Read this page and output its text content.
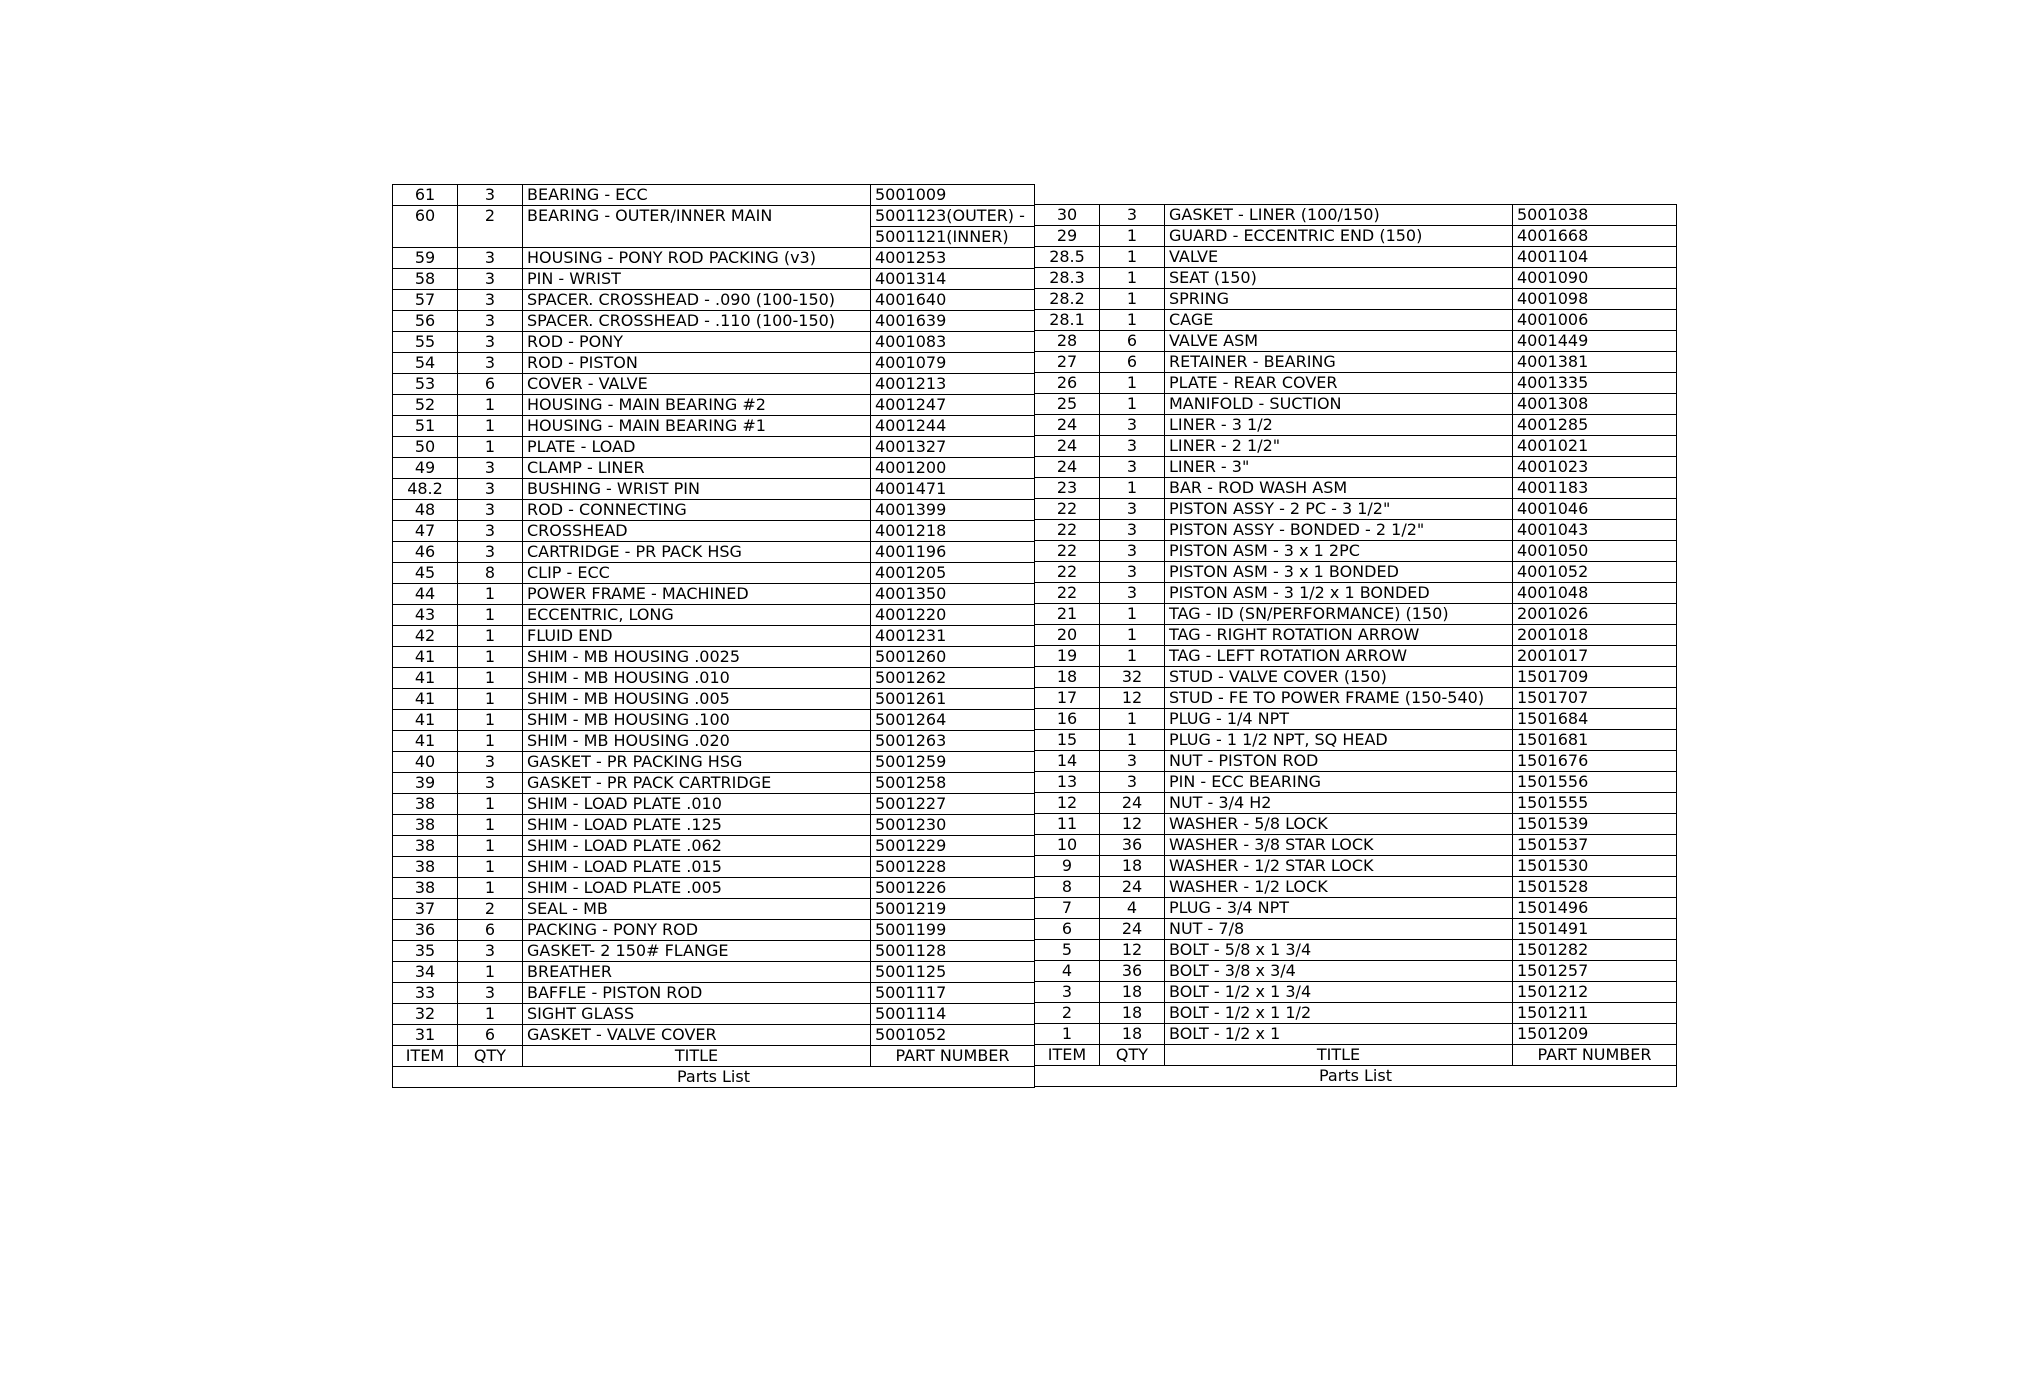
61	3	BEARING - ECC	5001009
60	2	BEARING - OUTER/INNER MAIN	5001123(OUTER) -
			5001121(INNER)
59	3	HOUSING - PONY ROD PACKING (v3)	4001253
58	3	PIN - WRIST	4001314
57	3	SPACER. CROSSHEAD - .090 (100-150)	4001640
56	3	SPACER. CROSSHEAD - .110 (100-150)	4001639
55	3	ROD - PONY	4001083
54	3	ROD - PISTON	4001079
53	6	COVER - VALVE	4001213
52	1	HOUSING - MAIN BEARING #2	4001247
51	1	HOUSING - MAIN BEARING #1	4001244
50	1	PLATE - LOAD	4001327
49	3	CLAMP - LINER	4001200
48.2	3	BUSHING - WRIST PIN	4001471
48	3	ROD - CONNECTING	4001399
47	3	CROSSHEAD	4001218
46	3	CARTRIDGE - PR PACK HSG	4001196
45	8	CLIP - ECC	4001205
44	1	POWER FRAME - MACHINED	4001350
43	1	ECCENTRIC, LONG	4001220
42	1	FLUID END	4001231
41	1	SHIM - MB HOUSING .0025	5001260
41	1	SHIM - MB HOUSING .010	5001262
41	1	SHIM - MB HOUSING .005	5001261
41	1	SHIM - MB HOUSING .100	5001264
41	1	SHIM - MB HOUSING .020	5001263
40	3	GASKET - PR PACKING HSG	5001259
39	3	GASKET - PR PACK CARTRIDGE	5001258
38	1	SHIM - LOAD PLATE .010	5001227
38	1	SHIM - LOAD PLATE .125	5001230
38	1	SHIM - LOAD PLATE .062	5001229
38	1	SHIM - LOAD PLATE .015	5001228
38	1	SHIM - LOAD PLATE .005	5001226
37	2	SEAL - MB	5001219
36	6	PACKING - PONY ROD	5001199
35	3	GASKET- 2 150# FLANGE	5001128
34	1	BREATHER	5001125
33	3	BAFFLE - PISTON ROD	5001117
32	1	SIGHT GLASS	5001114
31	6	GASKET - VALVE COVER	5001052
ITEM	QTY	TITLE	PART NUMBER
Parts List			

30	3	GASKET - LINER (100/150)	5001038
29	1	GUARD - ECCENTRIC END (150)	4001668
28.5	1	VALVE	4001104
28.3	1	SEAT (150)	4001090
28.2	1	SPRING	4001098
28.1	1	CAGE	4001006
28	6	VALVE ASM	4001449
27	6	RETAINER - BEARING	4001381
26	1	PLATE - REAR COVER	4001335
25	1	MANIFOLD - SUCTION	4001308
24	3	LINER - 3 1/2	4001285
24	3	LINER - 2 1/2"	4001021
24	3	LINER - 3"	4001023
23	1	BAR - ROD WASH ASM	4001183
22	3	PISTON ASSY - 2 PC - 3 1/2"	4001046
22	3	PISTON ASSY - BONDED - 2 1/2"	4001043
22	3	PISTON ASM - 3 x 1 2PC	4001050
22	3	PISTON ASM - 3 x 1 BONDED	4001052
22	3	PISTON ASM - 3 1/2 x 1 BONDED	4001048
21	1	TAG - ID (SN/PERFORMANCE) (150)	2001026
20	1	TAG - RIGHT ROTATION ARROW	2001018
19	1	TAG - LEFT ROTATION ARROW	2001017
18	32	STUD - VALVE COVER (150)	1501709
17	12	STUD - FE TO POWER FRAME (150-540)	1501707
16	1	PLUG - 1/4 NPT	1501684
15	1	PLUG - 1 1/2 NPT, SQ HEAD	1501681
14	3	NUT - PISTON ROD	1501676
13	3	PIN - ECC BEARING	1501556
12	24	NUT - 3/4 H2	1501555
11	12	WASHER - 5/8 LOCK	1501539
10	36	WASHER - 3/8 STAR LOCK	1501537
9	18	WASHER - 1/2 STAR LOCK	1501530
8	24	WASHER - 1/2 LOCK	1501528
7	4	PLUG - 3/4 NPT	1501496
6	24	NUT - 7/8	1501491
5	12	BOLT - 5/8 x 1 3/4	1501282
4	36	BOLT - 3/8 x 3/4	1501257
3	18	BOLT - 1/2 x 1 3/4	1501212
2	18	BOLT - 1/2 x 1 1/2	1501211
1	18	BOLT - 1/2 x 1	1501209
ITEM	QTY	TITLE	PART NUMBER
Parts List			
